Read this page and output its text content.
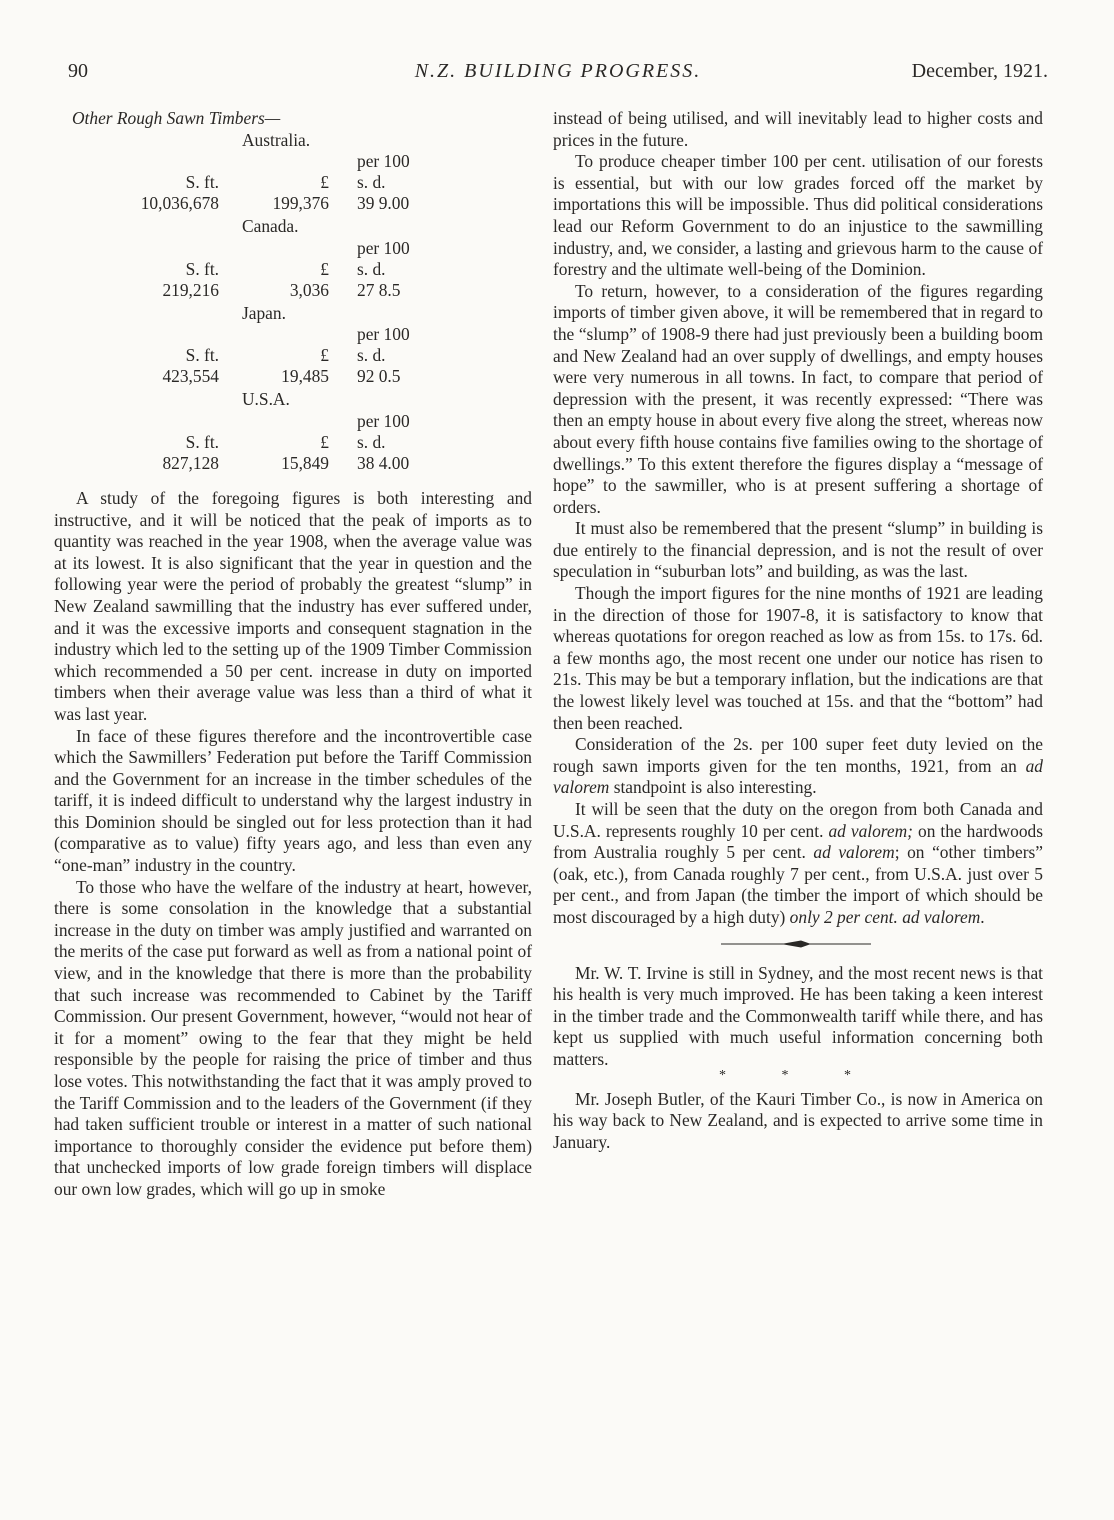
90	N.Z. BUILDING PROGRESS.	December, 1921.
Other Rough Sawn Timbers—
Australia.
per 100
S. ft.	£	s. d.
10,036,678	199,376	39 9.00
Canada.
per 100
S. ft.	£	s. d.
219,216	3,036	27 8.5
Japan.
per 100
S. ft.	£	s. d.
423,554	19,485	92 0.5
U.S.A.
per 100
S. ft.	£	s. d.
827,128	15,849	38 4.00

A study of the foregoing figures is both interesting and instructive, and it will be noticed that the peak of imports as to quantity was reached in the year 1908, when the average value was at its lowest. It is also significant that the year in question and the following year were the period of probably the greatest “slump” in New Zealand sawmilling that the industry has ever suffered under, and it was the excessive imports and consequent stagnation in the industry which led to the setting up of the 1909 Timber Commission which recommended a 50 per cent. increase in duty on imported timbers when their average value was less than a third of what it was last year.

In face of these figures therefore and the incontrovertible case which the Sawmillers’ Federation put before the Tariff Commission and the Government for an increase in the timber schedules of the tariff, it is indeed difficult to understand why the largest industry in this Dominion should be singled out for less protection than it had (comparative as to value) fifty years ago, and less than even any “one-man” industry in the country.

To those who have the welfare of the industry at heart, however, there is some consolation in the knowledge that a substantial increase in the duty on timber was amply justified and warranted on the merits of the case put forward as well as from a national point of view, and in the knowledge that there is more than the probability that such increase was recommended to Cabinet by the Tariff Commission. Our present Government, however, “would not hear of it for a moment” owing to the fear that they might be held responsible by the people for raising the price of timber and thus lose votes. This notwithstanding the fact that it was amply proved to the Tariff Commission and to the leaders of the Government (if they had taken sufficient trouble or interest in a matter of such national importance to thoroughly consider the evidence put before them) that unchecked imports of low grade foreign timbers will displace our own low grades, which will go up in smoke

instead of being utilised, and will inevitably lead to higher costs and prices in the future.

To produce cheaper timber 100 per cent. utilisation of our forests is essential, but with our low grades forced off the market by importations this will be impossible. Thus did political considerations lead our Reform Government to do an injustice to the sawmilling industry, and, we consider, a lasting and grievous harm to the cause of forestry and the ultimate well-being of the Dominion.

To return, however, to a consideration of the figures regarding imports of timber given above, it will be remembered that in regard to the “slump” of 1908-9 there had just previously been a building boom and New Zealand had an over supply of dwellings, and empty houses were very numerous in all towns. In fact, to compare that period of depression with the present, it was recently expressed: “There was then an empty house in about every five along the street, whereas now about every fifth house contains five families owing to the shortage of dwellings.” To this extent therefore the figures display a “message of hope” to the sawmiller, who is at present suffering a shortage of orders.

It must also be remembered that the present “slump” in building is due entirely to the financial depression, and is not the result of over speculation in “suburban lots” and building, as was the last.

Though the import figures for the nine months of 1921 are leading in the direction of those for 1907-8, it is satisfactory to know that whereas quotations for oregon reached as low as from 15s. to 17s. 6d. a few months ago, the most recent one under our notice has risen to 21s. This may be but a temporary inflation, but the indications are that the lowest likely level was touched at 15s. and that the “bottom” had then been reached.

Consideration of the 2s. per 100 super feet duty levied on the rough sawn imports given for the ten months, 1921, from an ad valorem standpoint is also interesting.

It will be seen that the duty on the oregon from both Canada and U.S.A. represents roughly 10 per cent. ad valorem; on the hardwoods from Australia roughly 5 per cent. ad valorem; on “other timbers” (oak, etc.), from Canada roughly 7 per cent., from U.S.A. just over 5 per cent., and from Japan (the timber the import of which should be most discouraged by a high duty) only 2 per cent. ad valorem.

Mr. W. T. Irvine is still in Sydney, and the most recent news is that his health is very much improved. He has been taking a keen interest in the timber trade and the Commonwealth tariff while there, and has kept us supplied with much useful information concerning both matters.

* * *

Mr. Joseph Butler, of the Kauri Timber Co., is now in America on his way back to New Zealand, and is expected to arrive some time in January.
